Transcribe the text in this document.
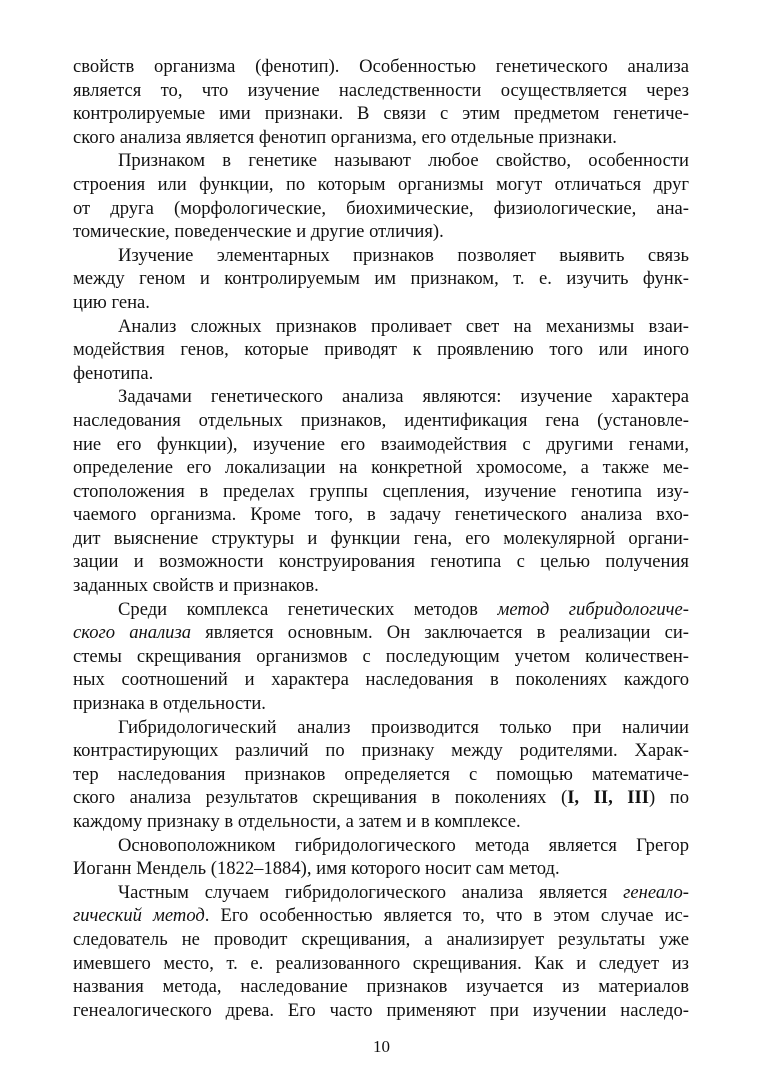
свойств организма (фенотип). Особенностью генетического анализа
является то, что изучение наследственности осуществляется через
контролируемые ими признаки. В связи с этим предметом генетиче-
ского анализа является фенотип организма, его отдельные признаки.
Признаком в генетике называют любое свойство, особенности
строения или функции, по которым организмы могут отличаться друг
от друга (морфологические, биохимические, физиологические, ана-
томические, поведенческие и другие отличия).
Изучение элементарных признаков позволяет выявить связь
между геном и контролируемым им признаком, т. е. изучить функ-
цию гена.
Анализ сложных признаков проливает свет на механизмы взаи-
модействия генов, которые приводят к проявлению того или иного
фенотипа.
Задачами генетического анализа являются: изучение характера
наследования отдельных признаков, идентификация гена (установле-
ние его функции), изучение его взаимодействия с другими генами,
определение его локализации на конкретной хромосоме, а также ме-
стоположения в пределах группы сцепления, изучение генотипа изу-
чаемого организма. Кроме того, в задачу генетического анализа вхо-
дит выяснение структуры и функции гена, его молекулярной органи-
зации и возможности конструирования генотипа с целью получения
заданных свойств и признаков.
Среди комплекса генетических методов метод гибридологиче-
ского анализа является основным. Он заключается в реализации си-
стемы скрещивания организмов с последующим учетом количествен-
ных соотношений и характера наследования в поколениях каждого
признака в отдельности.
Гибридологический анализ производится только при наличии
контрастирующих различий по признаку между родителями. Харак-
тер наследования признаков определяется с помощью математиче-
ского анализа результатов скрещивания в поколениях (I, II, III) по
каждому признаку в отдельности, а затем и в комплексе.
Основоположником гибридологического метода является Грегор
Иоганн Мендель (1822–1884), имя которого носит сам метод.
Частным случаем гибридологического анализа является генеало-
гический метод. Его особенностью является то, что в этом случае ис-
следователь не проводит скрещивания, а анализирует результаты уже
имевшего место, т. е. реализованного скрещивания. Как и следует из
названия метода, наследование признаков изучается из материалов
генеалогического древа. Его часто применяют при изучении наследо-
10
